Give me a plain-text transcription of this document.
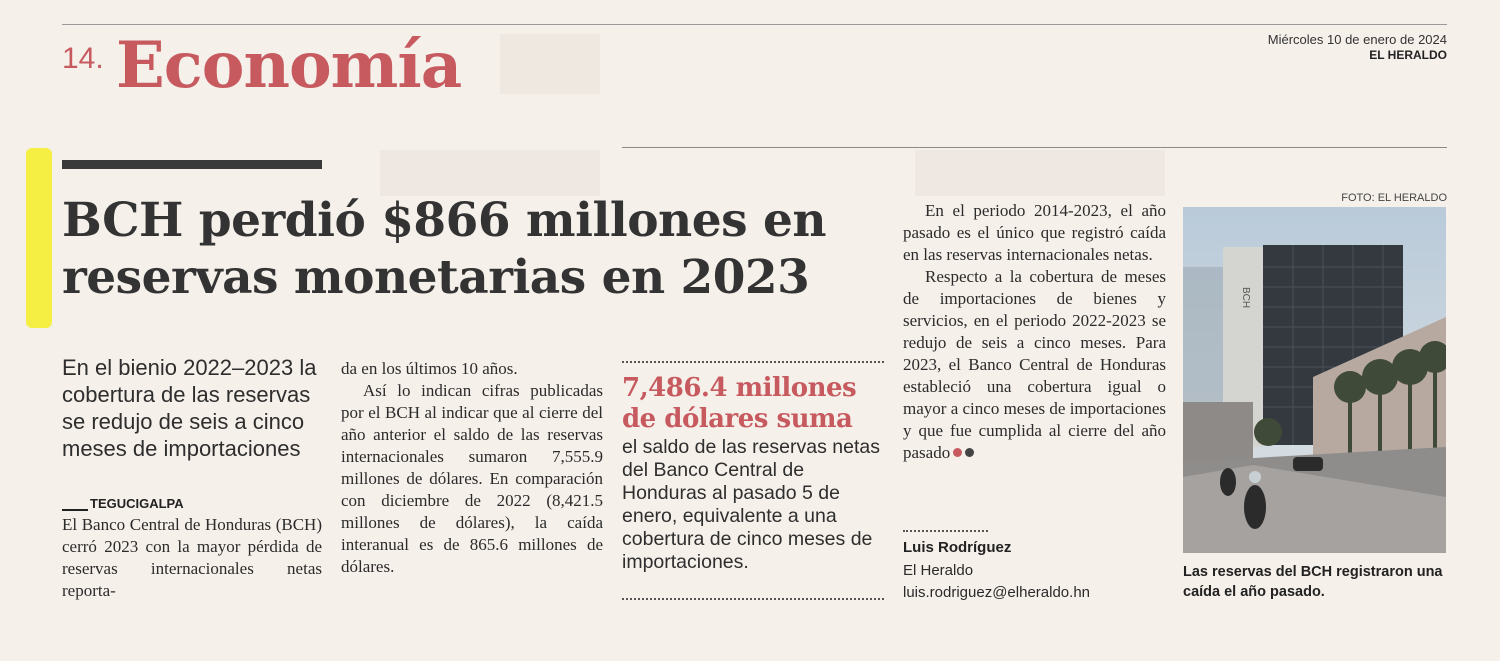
14. Economía	Miércoles 10 de enero de 2024
EL HERALDO
BCH perdió $866 millones en
reservas monetarias en 2023
En el bienio 2022–2023 la cobertura de las reservas se redujo de seis a cinco meses de importaciones
TEGUCIGALPA

El Banco Central de Honduras (BCH) cerró 2023 con la mayor pérdida de reservas internacionales netas reporta-

da en los últimos 10 años.

Así lo indican cifras publicadas por el BCH al indicar que al cierre del año anterior el saldo de las reservas internacionales sumaron 7,555.9 millones de dólares. En comparación con diciembre de 2022 (8,421.5 millones de dólares), la caída interanual es de 865.6 millones de dólares.

7,486.4 millones de dólares suma
el saldo de las reservas netas del Banco Central de Honduras al pasado 5 de enero, equivalente a una cobertura de cinco meses de importaciones.

En el periodo 2014-2023, el año pasado es el único que registró caída en las reservas internacionales netas.

Respecto a la cobertura de meses de importaciones de bienes y servicios, en el periodo 2022-2023 se redujo de seis a cinco meses. Para 2023, el Banco Central de Honduras estableció una cobertura igual o mayor a cinco meses de importaciones y que fue cumplida al cierre del año pasado

Luis Rodríguez
El Heraldo
luis.rodriguez@elheraldo.hn
FOTO: EL HERALDO
BCH
Las reservas del BCH registraron una caída el año pasado.
